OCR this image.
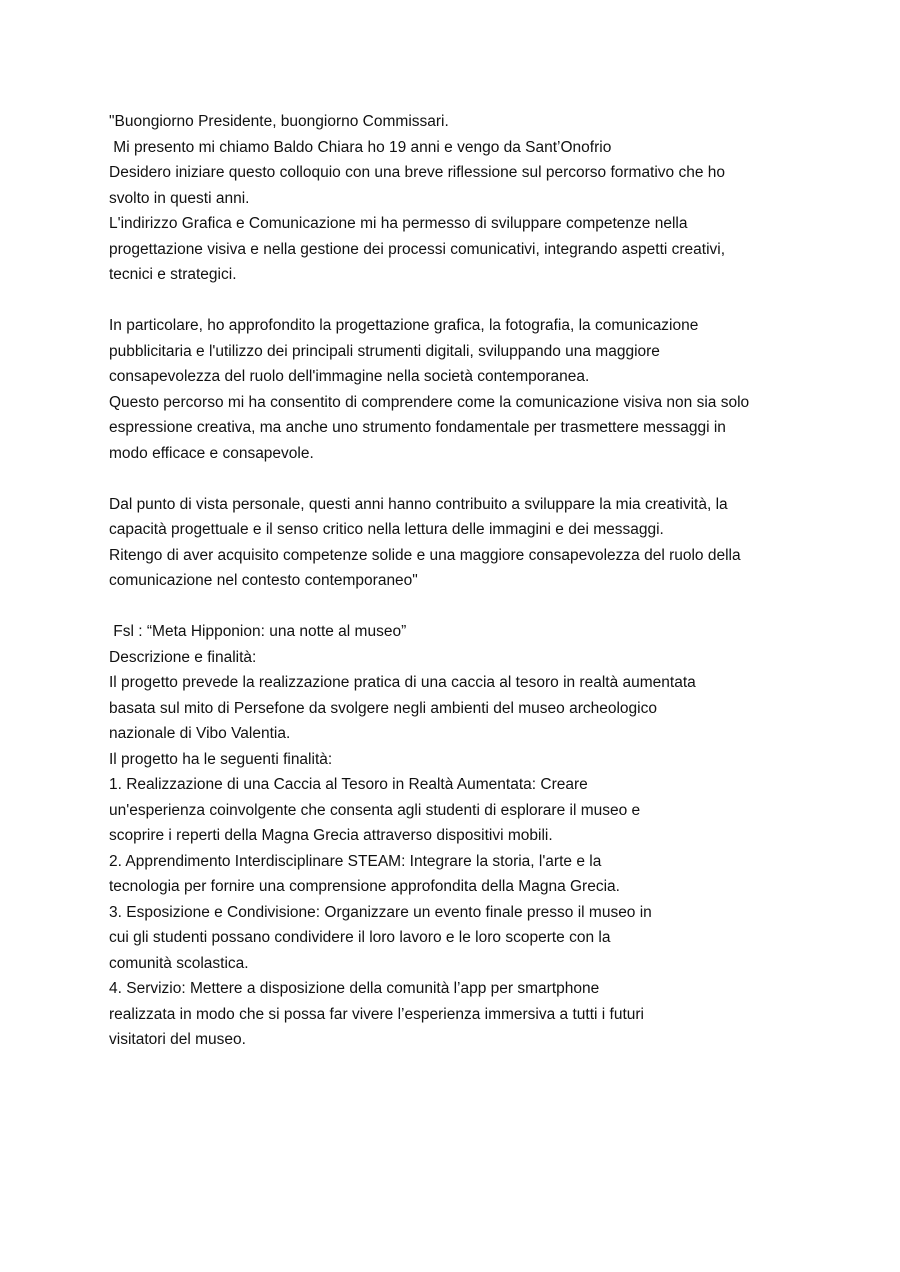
"Buongiorno Presidente, buongiorno Commissari.
Mi presento mi chiamo Baldo Chiara ho 19 anni e vengo da Sant’Onofrio
Desidero iniziare questo colloquio con una breve riflessione sul percorso formativo che ho
svolto in questi anni.
L'indirizzo Grafica e Comunicazione mi ha permesso di sviluppare competenze nella
progettazione visiva e nella gestione dei processi comunicativi, integrando aspetti creativi,
tecnici e strategici.
In particolare, ho approfondito la progettazione grafica, la fotografia, la comunicazione
pubblicitaria e l'utilizzo dei principali strumenti digitali, sviluppando una maggiore
consapevolezza del ruolo dell'immagine nella società contemporanea.
Questo percorso mi ha consentito di comprendere come la comunicazione visiva non sia solo
espressione creativa, ma anche uno strumento fondamentale per trasmettere messaggi in
modo efficace e consapevole.
Dal punto di vista personale, questi anni hanno contribuito a sviluppare la mia creatività, la
capacità progettuale e il senso critico nella lettura delle immagini e dei messaggi.
Ritengo di aver acquisito competenze solide e una maggiore consapevolezza del ruolo della
comunicazione nel contesto contemporaneo"
Fsl : “Meta Hipponion: una notte al museo”
Descrizione e finalità:
Il progetto prevede la realizzazione pratica di una caccia al tesoro in realtà aumentata
basata sul mito di Persefone da svolgere negli ambienti del museo archeologico
nazionale di Vibo Valentia.
Il progetto ha le seguenti finalità:
1. Realizzazione di una Caccia al Tesoro in Realtà Aumentata: Creare
un'esperienza coinvolgente che consenta agli studenti di esplorare il museo e
scoprire i reperti della Magna Grecia attraverso dispositivi mobili.
2. Apprendimento Interdisciplinare STEAM: Integrare la storia, l'arte e la
tecnologia per fornire una comprensione approfondita della Magna Grecia.
3. Esposizione e Condivisione: Organizzare un evento finale presso il museo in
cui gli studenti possano condividere il loro lavoro e le loro scoperte con la
comunità scolastica.
4. Servizio: Mettere a disposizione della comunità l’app per smartphone
realizzata in modo che si possa far vivere l’esperienza immersiva a tutti i futuri
visitatori del museo.
